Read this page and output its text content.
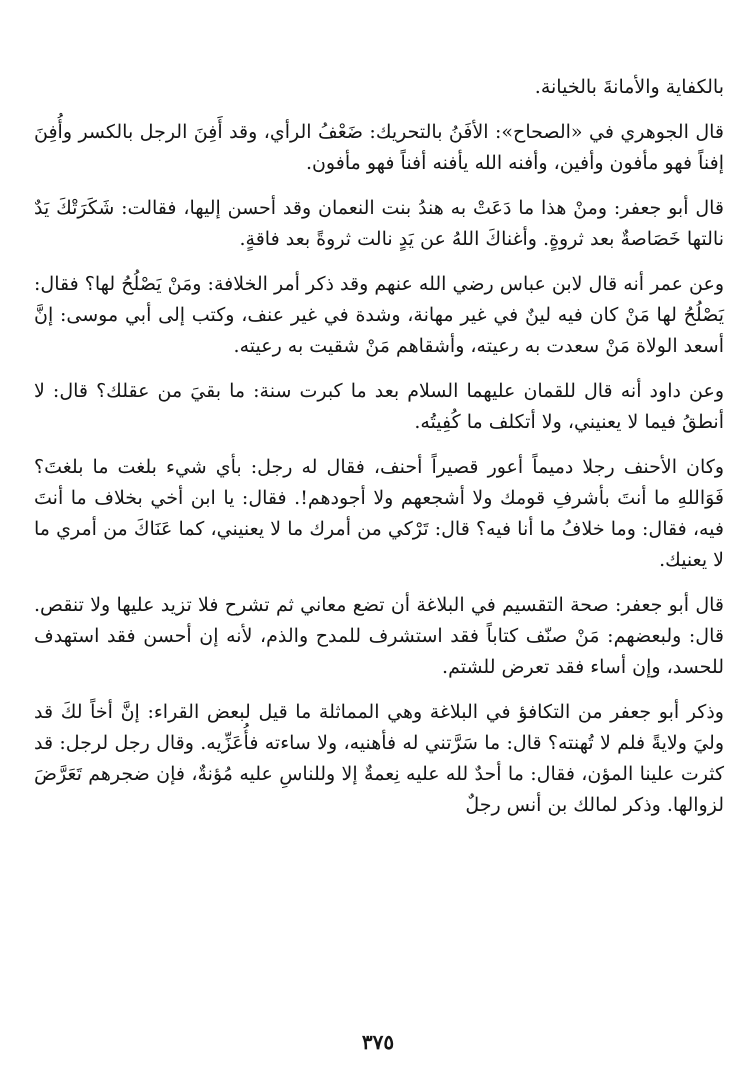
بالكفاية والأمانةَ بالخيانة.

قال الجوهري في «الصحاح»: الأفَنُ بالتحريك: ضَعْفُ الرأي، وقد أَفِنَ الرجل بالكسر وأُفِنَ إفناً فهو مأفون وأفين، وأفنه الله يأفنه أفناً فهو مأفون.

قال أبو جعفر: ومنْ هذا ما دَعَتْ به هندُ بنت النعمان وقد أحسن إليها، فقالت: شَكَرَتْكَ يَدٌ نالتها خَصَاصةٌ بعد ثروةٍ. وأغناكَ اللهُ عن يَدٍ نالت ثروةً بعد فاقةٍ.

وعن عمر أنه قال لابن عباس رضي الله عنهم وقد ذكر أمر الخلافة: ومَنْ يَصْلُحُ لها؟ فقال: يَصْلُحُ لها مَنْ كان فيه لينٌ في غير مهانة، وشدة في غير عنف، وكتب إلى أبي موسى: إنَّ أسعد الولاة مَنْ سعدت به رعيته، وأشقاهم مَنْ شقيت به رعيته.

وعن داود أنه قال للقمان عليهما السلام بعد ما كبرت سنة: ما بقيَ من عقلك؟ قال: لا أنطقُ فيما لا يعنيني، ولا أتكلف ما كُفِيتُه.

وكان الأحنف رجلا دميماً أعور قصيراً أحنف، فقال له رجل: بأي شيء بلغت ما بلغتَ؟ فَوَاللهِ ما أنتَ بأشرفِ قومك ولا أشجعهم ولا أجودهم!. فقال: يا ابن أخي بخلاف ما أنتَ فيه، فقال: وما خلافُ ما أنا فيه؟ قال: تَرْكي من أمرك ما لا يعنيني، كما عَنَاكَ من أمري ما لا يعنيك.

قال أبو جعفر: صحة التقسيم في البلاغة أن تضع معاني ثم تشرح فلا تزيد عليها ولا تنقص. قال: ولبعضهم: مَنْ صنّف كتاباً فقد استشرف للمدح والذم، لأنه إن أحسن فقد استهدف للحسد، وإن أساء فقد تعرض للشتم.

وذكر أبو جعفر من التكافؤ في البلاغة وهي المماثلة ما قيل لبعض القراء: إنَّ أخاً لكَ قد وليَ ولايةً فلم لا تُهنته؟ قال: ما سَرَّتني له فأهنيه، ولا ساءته فأُعَزِّيه. وقال رجل لرجل: قد كثرت علينا المؤن، فقال: ما أحدٌ لله عليه نِعمةٌ إلا وللناسِ عليه مُؤنةٌ، فإن ضجرهم تَعَرَّضَ لزوالها. وذكر لمالك بن أنس رجلٌ

٣٧٥
